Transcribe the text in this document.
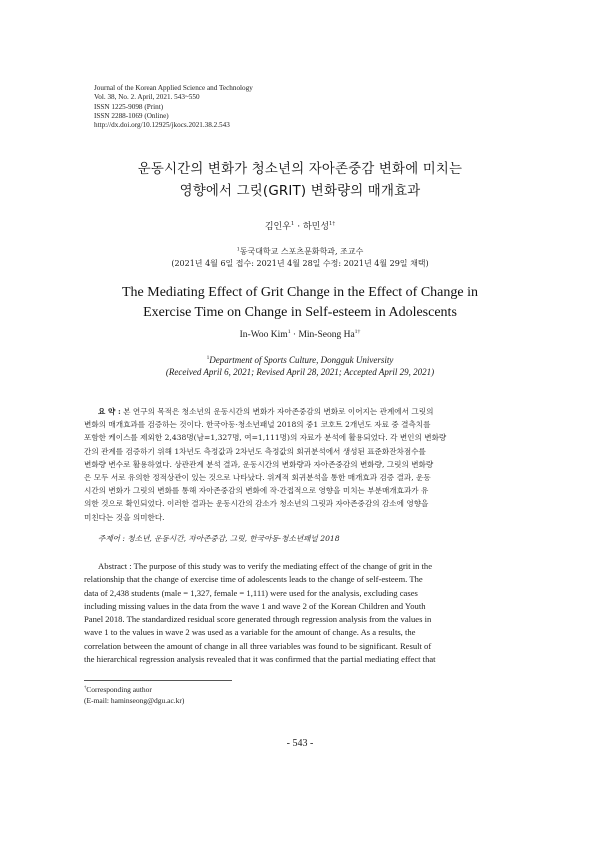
Journal of the Korean Applied Science and Technology
Vol. 38, No. 2. April, 2021. 543~550
ISSN 1225-9098 (Print)
ISSN 2288-1069 (Online)
http://dx.doi.org/10.12925/jkocs.2021.38.2.543
운동시간의 변화가 청소년의 자아존중감 변화에 미치는
영향에서 그릿(GRIT) 변화량의 매개효과
김인우$^1$ · 하민성$^{1\dagger}$
$^1$동국대학교 스포츠문화학과, 조교수
(2021년 4월 6일 접수: 2021년 4월 28일 수정: 2021년 4월 29일 채택)
The Mediating Effect of Grit Change in the Effect of Change in
Exercise Time on Change in Self-esteem in Adolescents
In-Woo Kim$^1$ · Min-Seong $Ha^{1\dagger}$
$^1$Department of Sports Culture, Dongguk University
(Received April 6, 2021; Revised April 28, 2021; Accepted April 29, 2021)
요 약 : 본 연구의 목적은 청소년의 운동시간의 변화가 자아존중감의 변화로 이어지는 관계에서 그릿의
변화의 매개효과를 검증하는 것이다. 한국아동·청소년패널 2018의 중1 코호트 2개년도 자료 중 결측치를
포함한 케이스를 제외한 2,438명(남=1,327명, 여=1,111명)의 자료가 분석에 활용되었다. 각 변인의 변화량
간의 관계를 검증하기 위해 1차년도 측정값과 2차년도 측정값의 회귀분석에서 생성된 표준화잔차점수를
변화량 변수로 활용하였다. 상관관계 분석 결과, 운동시간의 변화량과 자아존중감의 변화량, 그릿의 변화량
은 모두 서로 유의한 정적상관이 있는 것으로 나타났다. 위계적 회귀분석을 통한 매개효과 검증 결과, 운동
시간의 변화가 그릿의 변화를 통해 자아존중감의 변화에 작·간접적으로 영향을 미치는 부분매개효과가 유
의한 것으로 확인되었다. 이러한 결과는 운동시간의 감소가 청소년의 그릿과 자아존중감의 감소에 영향을
미친다는 것을 의미한다.
주제어 : 청소년, 운동시간, 자아존중감, 그릿, 한국아동·청소년패널 2018
Abstract : The purpose of this study was to verify the mediating effect of the change of grit in the
relationship that the change of exercise time of adolescents leads to the change of self-esteem. The
data of 2,438 students (male = 1,327, female = 1,111) were used for the analysis, excluding cases
including missing values in the data from the wave 1 and wave 2 of the Korean Children and Youth
Panel 2018. The standardized residual score generated through regression analysis from the values in
wave 1 to the values in wave 2 was used as a variable for the amount of change. As a results, the
correlation between the amount of change in all three variables was found to be significant. Result of
the hierarchical regression analysis revealed that it was confirmed that the partial mediating effect that
†Corresponding author
(E-mail: haminseong@dgu.ac.kr)
- 543 -
